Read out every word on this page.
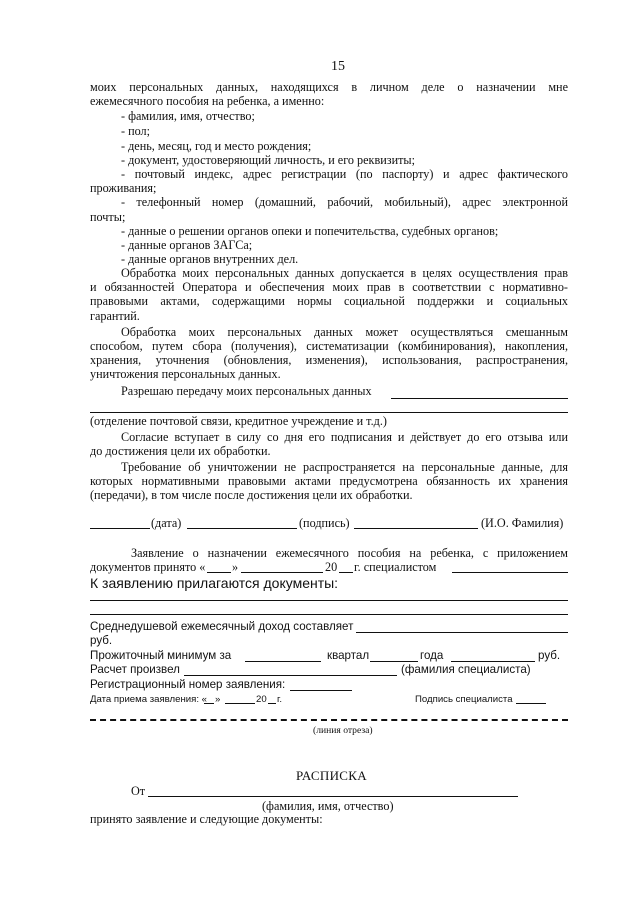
15
моих персональных данных, находящихся в личном деле о назначении мне
ежемесячного пособия на ребенка, а именно:
- фамилия, имя, отчество;
- пол;
- день, месяц, год и место рождения;
- документ, удостоверяющий личность, и его реквизиты;
- почтовый индекс, адрес регистрации (по паспорту) и адрес фактического
проживания;
- телефонный номер (домашний, рабочий, мобильный), адрес электронной
почты;
- данные о решении органов опеки и попечительства, судебных органов;
- данные органов ЗАГСа;
- данные органов внутренних дел.
Обработка моих персональных данных допускается в целях осуществления прав
и обязанностей Оператора и обеспечения моих прав в соответствии с нормативно-
правовыми актами, содержащими нормы социальной поддержки и социальных
гарантий.
Обработка моих персональных данных может осуществляться смешанным
способом, путем сбора (получения), систематизации (комбинирования), накопления,
хранения, уточнения (обновления, изменения), использования, распространения,
уничтожения персональных данных.
Разрешаю передачу моих персональных данных
(отделение почтовой связи, кредитное учреждение и т.д.)
Согласие вступает в силу со дня его подписания и действует до его отзыва или
до достижения цели их обработки.
Требование об уничтожении не распространяется на персональные данные, для
которых нормативными правовыми актами предусмотрена обязанность их хранения
(передачи), в том числе после достижения цели их обработки.
(дата)	(подпись)	(И.О. Фамилия)
Заявление о назначении ежемесячного пособия на ребенка, с приложением
документов принято « »	20 г. специалистом
К заявлению прилагаются документы:
Среднедушевой ежемесячный доход составляет
руб.
Прожиточный минимум за	квартал	года	руб.
Расчет произвел	(фамилия специалиста)
Регистрационный номер заявления:
Дата приема заявления: « »	20 г.	Подпись специалиста
(линия отреза)
РАСПИСКА
От
(фамилия, имя, отчество)
принято заявление и следующие документы:
